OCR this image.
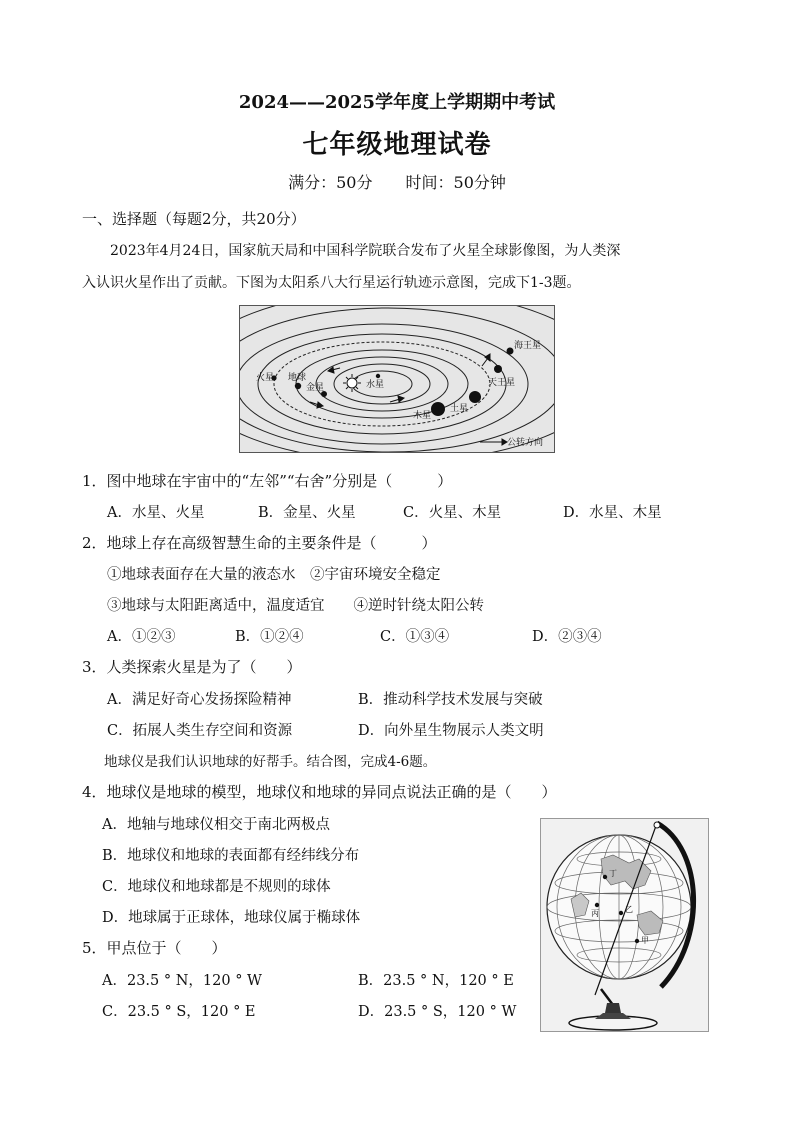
2024——2025学年度上学期期中考试
七年级地理试卷
满分：50分 时间：50分钟
一、选择题（每题2分，共20分）
2023年4月24日，国家航天局和中国科学院联合发布了火星全球影像图，为人类深
入认识火星作出了贡献。下图为太阳系八大行星运行轨迹示意图，完成下1-3题。
海王星
天王星
土星
木星
火星 地球
金星	水星
公转方向
1．图中地球在宇宙中的“左邻”“右舍”分别是（　　　）
A．水星、火星	B．金星、火星	C．火星、木星	D．水星、木星
2．地球上存在高级智慧生命的主要条件是（　　　）
①地球表面存在大量的液态水　②宇宙环境安全稳定
③地球与太阳距离适中，温度适宜　　④逆时针绕太阳公转
A．①②③	B．①②④	C．①③④	D．②③④
3．人类探索火星是为了（　　）
A．满足好奇心发扬探险精神	B．推动科学技术发展与突破
C．拓展人类生存空间和资源	D．向外星生物展示人类文明
地球仪是我们认识地球的好帮手。结合图，完成4-6题。
4．地球仪是地球的模型，地球仪和地球的异同点说法正确的是（　　）
A．地轴与地球仪相交于南北两极点
B．地球仪和地球的表面都有经纬线分布
C．地球仪和地球都是不规则的球体
D．地球属于正球体，地球仪属于椭球体
5．甲点位于（　　）
A．23.5 ° N，120 ° W	B．23.5 ° N，120 ° E
C．23.5 ° S，120 ° E	D．23.5 ° S，120 ° W
丁
丙	乙
甲
